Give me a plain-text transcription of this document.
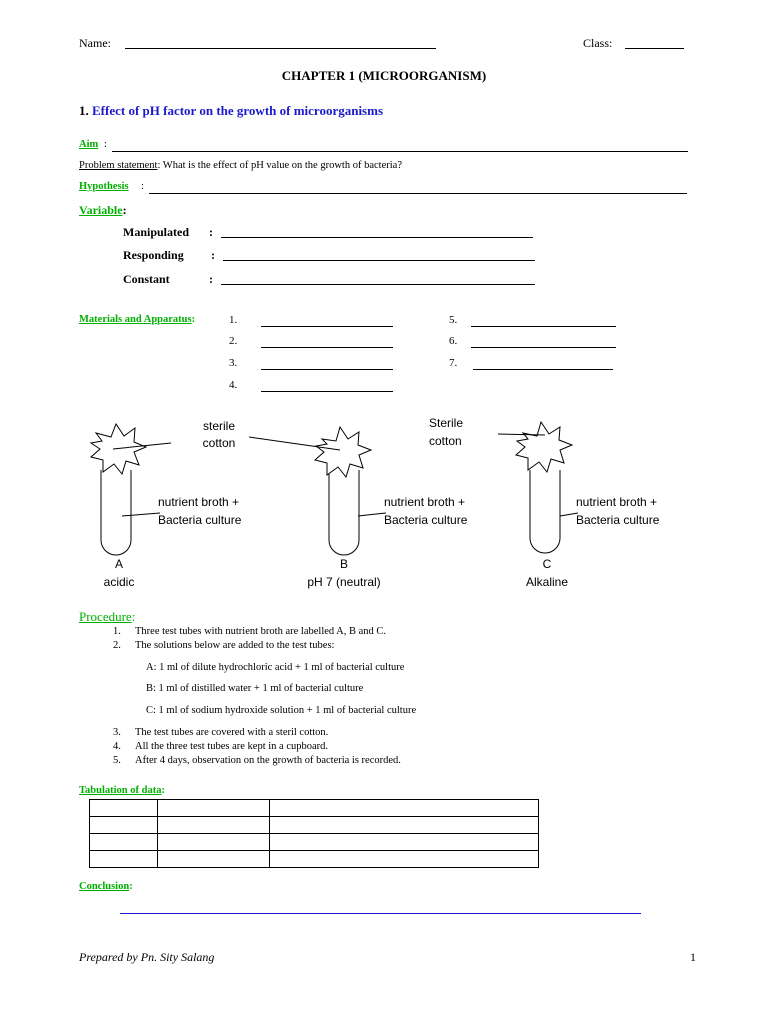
Name:	Class:
CHAPTER 1 (MICROORGANISM)
1. Effect of pH factor on the growth of microorganisms
Aim :
Problem statement: What is the effect of pH value on the growth of bacteria?
Hypothesis :
Variable:
Manipulated :
Responding :
Constant	:
Materials and Apparatus:	1.
2.
3.
4.
5.
6.
7.
sterile
cotton
Sterile
cotton
nutrient broth +
Bacteria culture
nutrient broth +
Bacteria culture
nutrient broth +
Bacteria culture
A
acidic
B
pH 7 (neutral)
C
Alkaline
Procedure:
1. Three test tubes with nutrient broth are labelled A, B and C.
2. The solutions below are added to the test tubes:
A: 1 ml of dilute hydrochloric acid + 1 ml of bacterial culture
B: 1 ml of distilled water + 1 ml of bacterial culture
C: 1 ml of sodium hydroxide solution + 1 ml of bacterial culture
3. The test tubes are covered with a steril cotton.
4. All the three test tubes are kept in a cupboard.
5. After 4 days, observation on the growth of bacteria is recorded.
Tabulation of data:

Conclusion:
Prepared by Pn. Sity Salang	1
